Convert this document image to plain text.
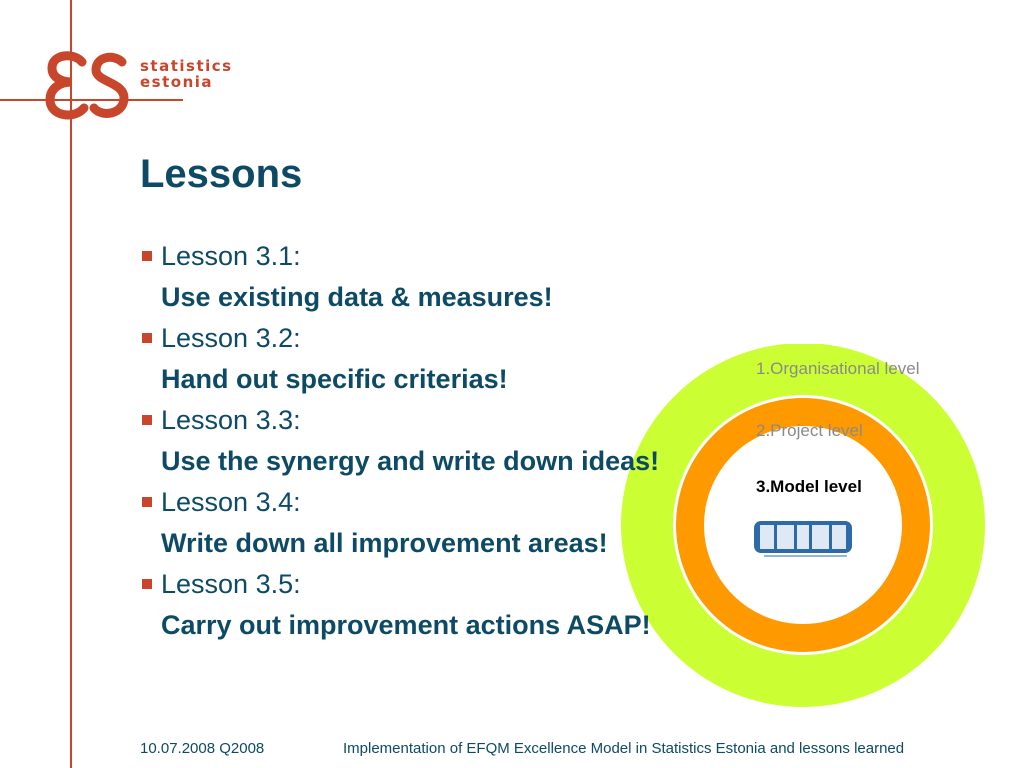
statistics
estonia
Lessons
1.Organisational level
2.Project level
3.Model level
Lesson 3.1:
Use existing data & measures!
Lesson 3.2:
Hand out specific criterias!
Lesson 3.3:
Use the synergy and write down ideas!
Lesson 3.4:
Write down all improvement areas!
Lesson 3.5:
Carry out improvement actions ASAP!
10.07.2008 Q2008	Implementation of EFQM Excellence Model in Statistics Estonia and lessons learned
